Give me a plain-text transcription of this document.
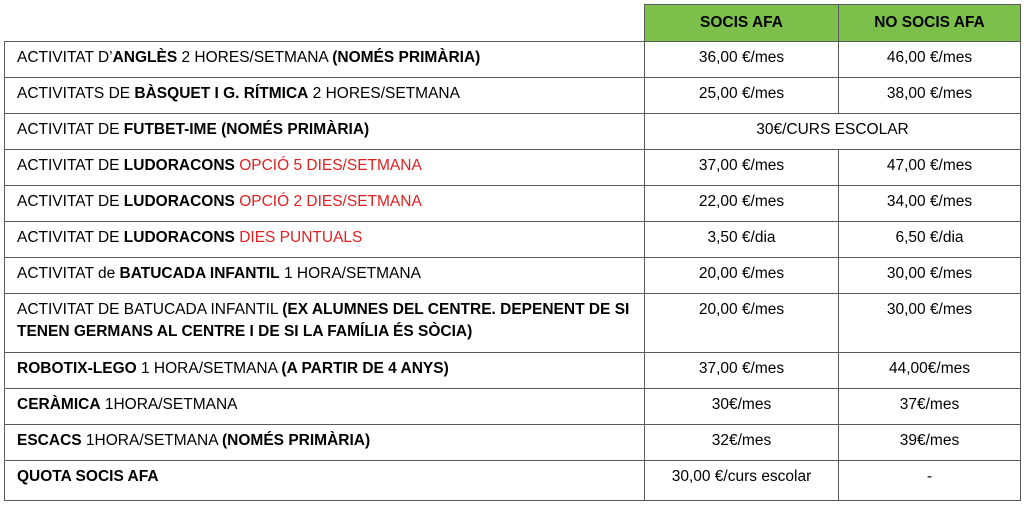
	SOCIS AFA	NO SOCIS AFA
ACTIVITAT D’ANGLÈS 2 HORES/SETMANA (NOMÉS PRIMÀRIA)	36,00 €/mes	46,00 €/mes
ACTIVITATS DE BÀSQUET I G. RÍTMICA 2 HORES/SETMANA	25,00 €/mes	38,00 €/mes
ACTIVITAT DE FUTBET-IME (NOMÉS PRIMÀRIA)	30€/CURS ESCOLAR	
ACTIVITAT DE LUDORACONS OPCIÓ 5 DIES/SETMANA	37,00 €/mes	47,00 €/mes
ACTIVITAT DE LUDORACONS OPCIÓ 2 DIES/SETMANA	22,00 €/mes	34,00 €/mes
ACTIVITAT DE LUDORACONS DIES PUNTUALS	3,50 €/dia	6,50 €/dia
ACTIVITAT de BATUCADA INFANTIL 1 HORA/SETMANA	20,00 €/mes	30,00 €/mes
ACTIVITAT DE BATUCADA INFANTIL (EX ALUMNES DEL CENTRE. DEPENENT DE SI TENEN GERMANS AL CENTRE I DE SI LA FAMÍLIA ÉS SÒCIA)	20,00 €/mes	30,00 €/mes
ROBOTIX-LEGO 1 HORA/SETMANA (A PARTIR DE 4 ANYS)	37,00 €/mes	44,00€/mes
CERÀMICA 1HORA/SETMANA	30€/mes	37€/mes
ESCACS 1HORA/SETMANA (NOMÉS PRIMÀRIA)	32€/mes	39€/mes
QUOTA SOCIS AFA	30,00 €/curs escolar	-
